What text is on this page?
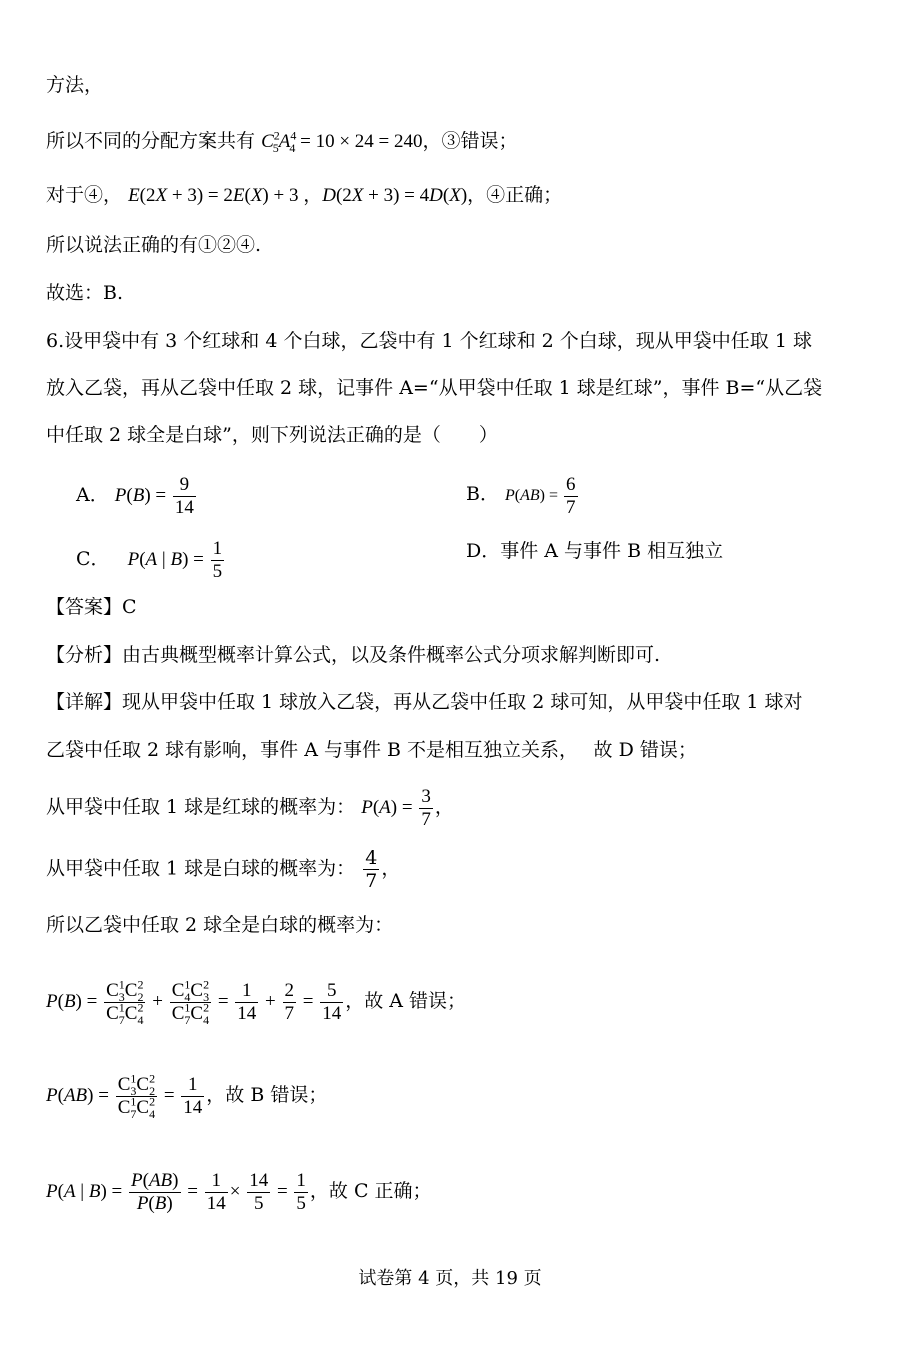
方法，
所以不同的分配方案共有 $C^2_5A^4_4 = 10 \times 24 = 240$，③错误；
对于④， E(2X + 3) = 2E(X) + 3 ，D(2X + 3) = 4D(X)，④正确；
所以说法正确的有①②④.
故选：B.
6.设甲袋中有 3 个红球和 4 个白球，乙袋中有 1 个红球和 2 个白球，现从甲袋中任取 1 球
放入乙袋，再从乙袋中任取 2 球，记事件 A=“从甲袋中任取 1 球是红球”，事件 B=“从乙袋
中任取 2 球全是白球”，则下列说法正确的是（　　）
A． $P(B) = \frac{9}{14}$	B． $P(AB) = \frac{6}{7}$
C． P(A | $B) = \frac{1}{5}$	D．事件 A 与事件 B 相互独立
【答案】C
【分析】由古典概型概率计算公式，以及条件概率公式分项求解判断即可.
【详解】现从甲袋中任取 1 球放入乙袋，再从乙袋中任取 2 球可知，从甲袋中任取 1 球对
乙袋中任取 2 球有影响，事件 A 与事件 B 不是相互独立关系，　 故 D 错误；
从甲袋中任取 1 球是红球的概率为： $P(A) = \frac{3}{7}$ ，
从甲袋中任取 1 球是白球的概率为： $\frac{4}{7}$ ，
所以乙袋中任取 2 球全是白球的概率为：
$P(B) = \frac{C^1_3C^2_2}{C^1_7C^2_4} + \frac{C^1_4C^2_3}{C^1_7C^2_4} = \frac{1}{14} + \frac{2}{7} = \frac{5}{14}$ ，故 A 错误；
$P(AB) = \frac{C^1_3C^2_2}{C^1_7C^2_4} = \frac{1}{14}$ ，故 B 错误；
P(A | $B) = \frac{P(AB)}{P(B)} = \frac{1}{14} \times \frac{14}{5} = \frac{1}{5}$ ，故 C 正确；
试卷第 4 页，共 19 页
